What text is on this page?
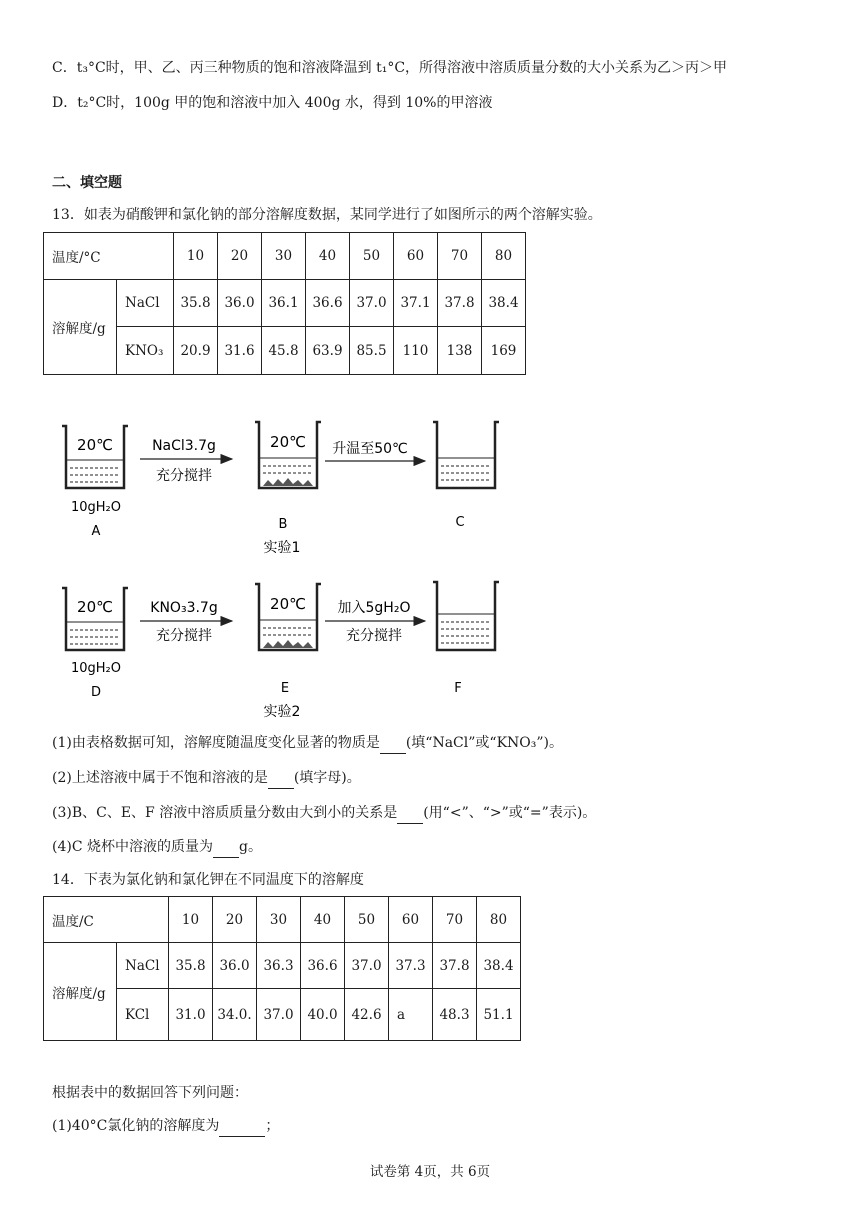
C．t₃°C时，甲、乙、丙三种物质的饱和溶液降温到 t₁°C，所得溶液中溶质质量分数的大小关系为乙＞丙＞甲
D．t₂°C时，100g 甲的饱和溶液中加入 400g 水，得到 10%的甲溶液
二、填空题
13．如表为硝酸钾和氯化钠的部分溶解度数据，某同学进行了如图所示的两个溶解实验。
温度/°C		10	20	30	40	50	60	70	80
溶解度/g	NaCl	35.8	36.0	36.1	36.6	37.0	37.1	37.8	38.4
	KNO₃	20.9	31.6	45.8	63.9	85.5	110	138	169
20℃
10gH₂O
A
NaCl3.7g
充分搅拌
20℃
B
实验1
升温至50℃
C
20℃
10gH₂O
D
KNO₃3.7g
充分搅拌
20℃
E
实验2
加入5gH₂O
充分搅拌
F
(1)由表格数据可知，溶解度随温度变化显著的物质是 (填“NaCl”或“KNO₃”)。
(2)上述溶液中属于不饱和溶液的是 (填字母)。
(3)B、C、E、F 溶液中溶质质量分数由大到小的关系是 (用“<”、“>”或“=”表示)。
(4)C 烧杯中溶液的质量为 g。
14．下表为氯化钠和氯化钾在不同温度下的溶解度
温度/C		10	20	30	40	50	60	70	80
溶解度/g	NaCl	35.8	36.0	36.3	36.6	37.0	37.3	37.8	38.4
	KCl	31.0	34.0.	37.0	40.0	42.6	a	48.3	51.1
根据表中的数据回答下列问题：
(1)40°C氯化钠的溶解度为	；
试卷第 4页，共 6页
